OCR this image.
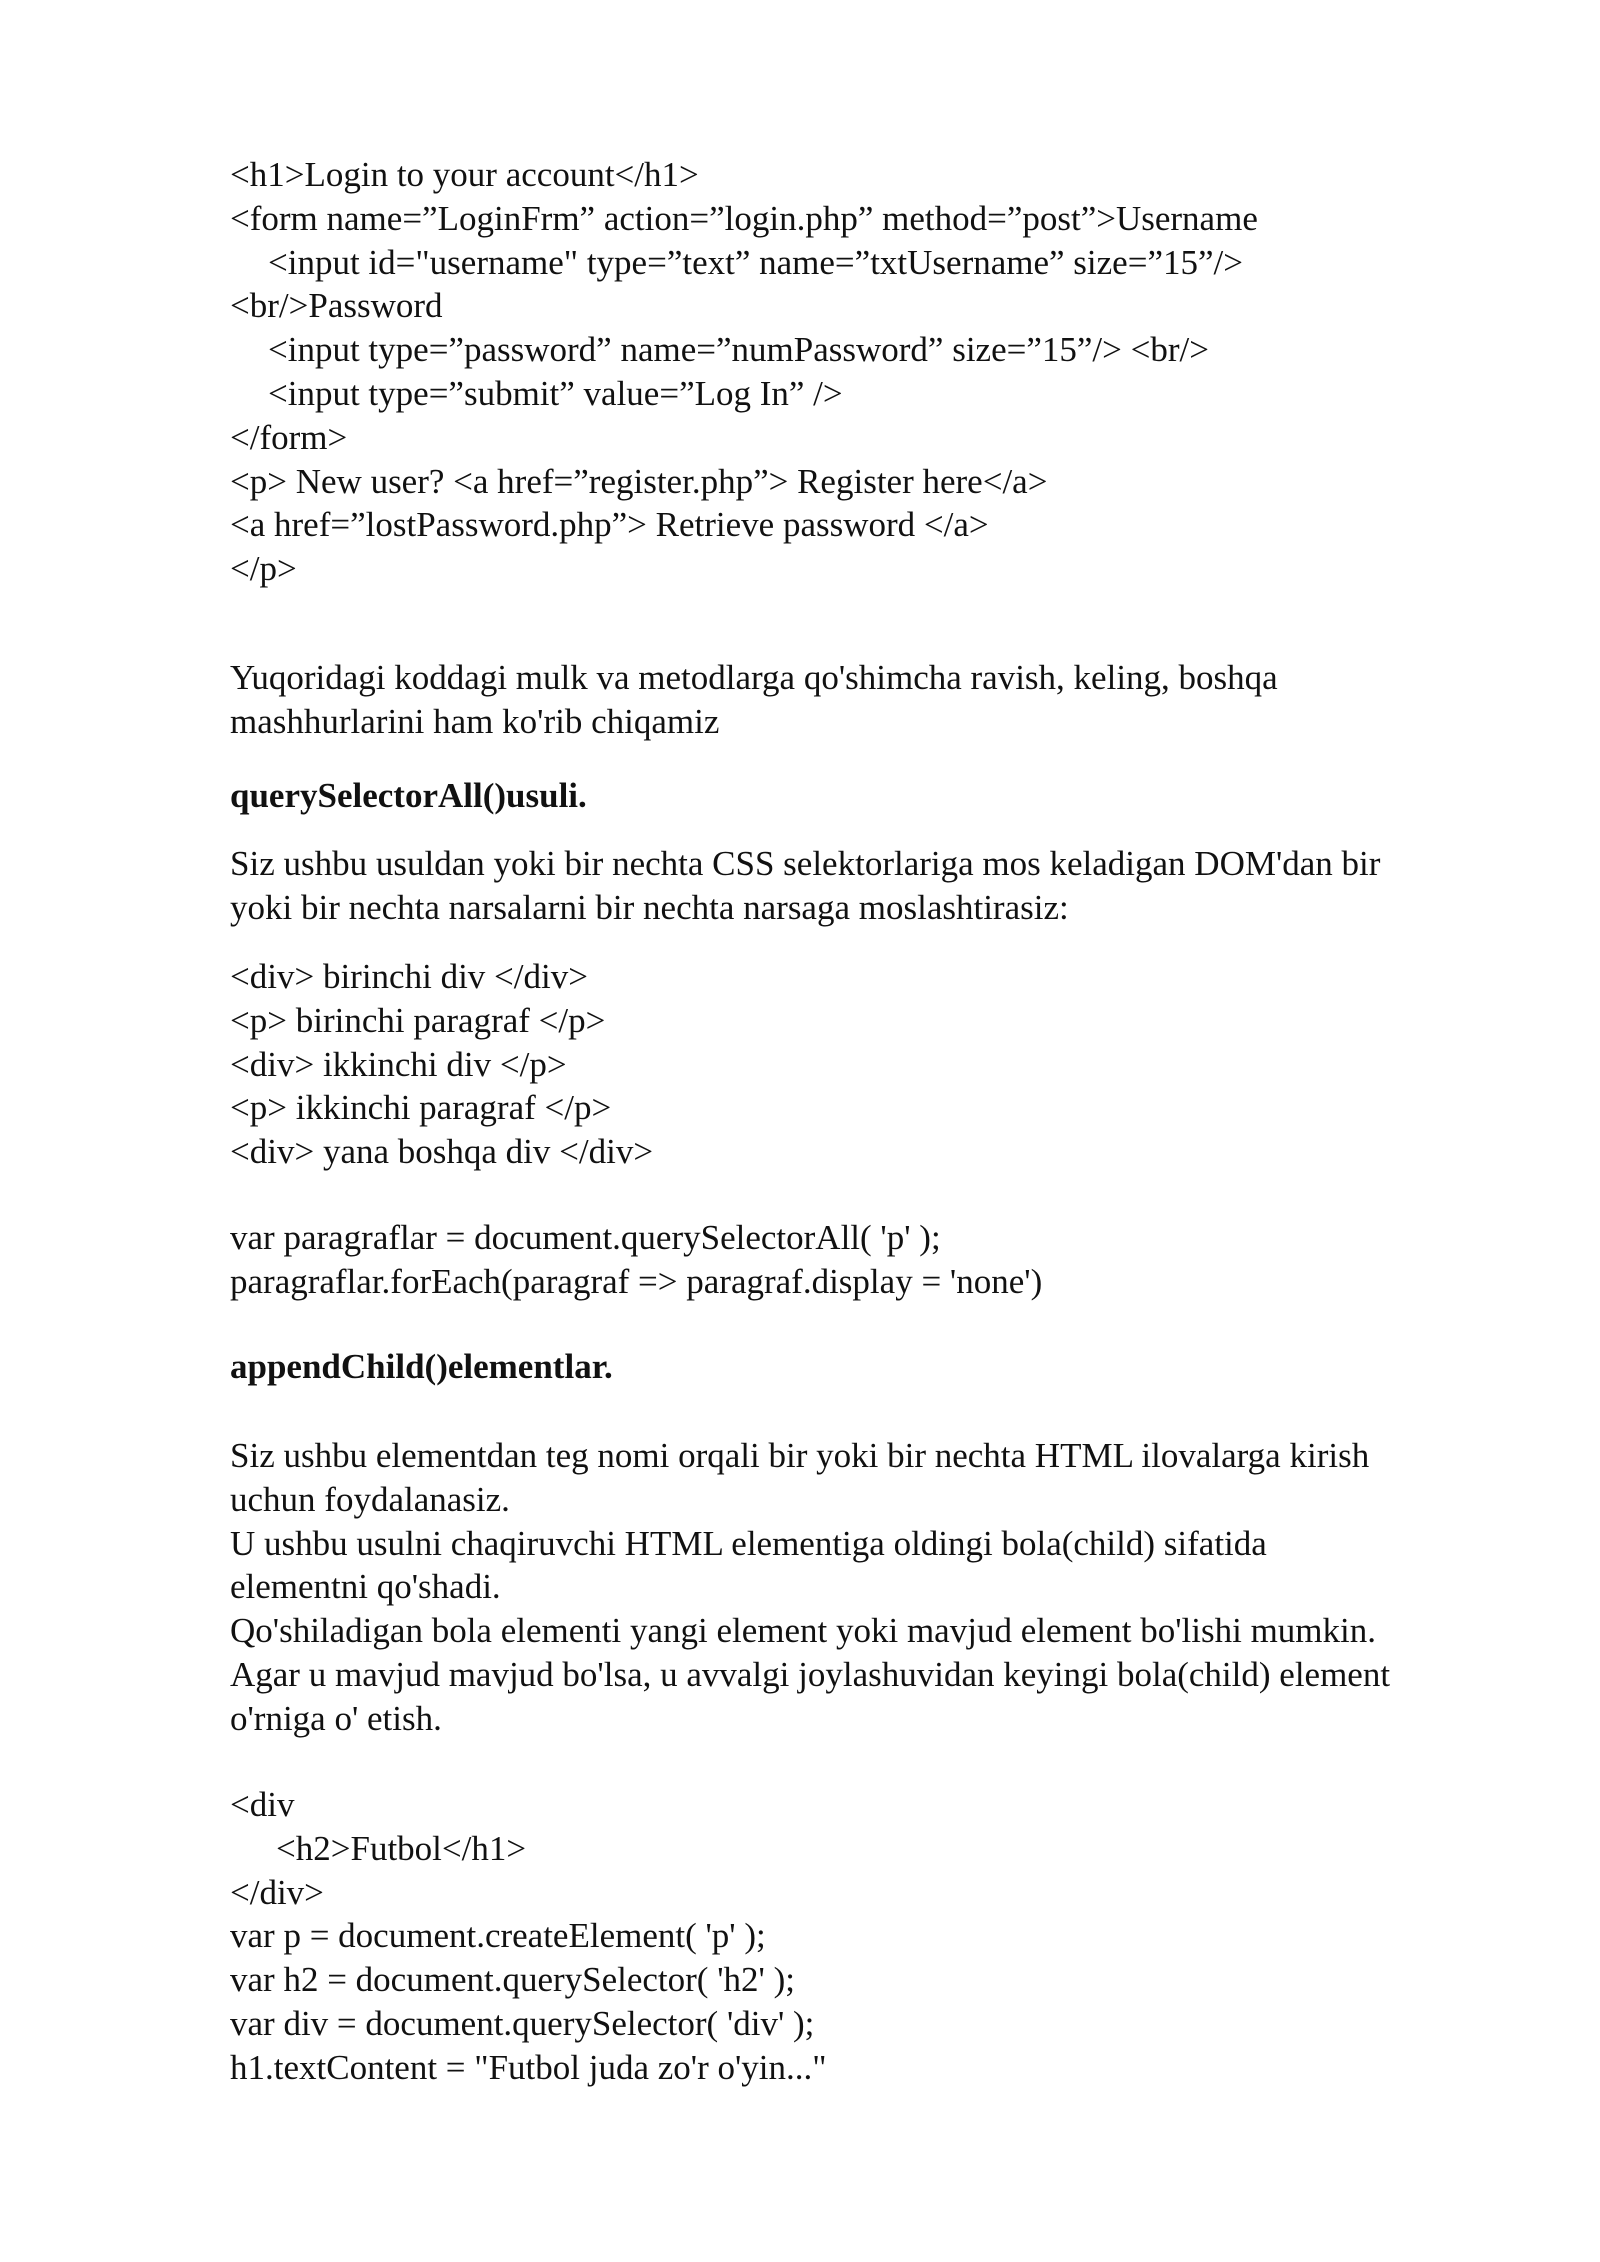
<h1>Login to your account</h1>
<form name=”LoginFrm” action=”login.php” method=”post”>Username
<input id="username" type=”text” name=”txtUsername” size=”15”/>
<br/>Password
<input type=”password” name=”numPassword” size=”15”/> <br/>
<input type=”submit” value=”Log In” />
</form>
<p> New user? <a href=”register.php”> Register here</a>
<a href=”lostPassword.php”> Retrieve password </a>
</p>
Yuqoridagi koddagi mulk va metodlarga qo'shimcha ravish, keling, boshqa
mashhurlarini ham ko'rib chiqamiz
querySelectorAll()usuli.
Siz ushbu usuldan yoki bir nechta CSS selektorlariga mos keladigan DOM'dan bir
yoki bir nechta narsalarni bir nechta narsaga moslashtirasiz:
<div> birinchi div </div>
<p> birinchi paragraf </p>
<div> ikkinchi div </p>
<p> ikkinchi paragraf </p>
<div> yana boshqa div </div>
var paragraflar = document.querySelectorAll( 'p' );
paragraflar.forEach(paragraf => paragraf.display = 'none')
appendChild()elementlar.
Siz ushbu elementdan teg nomi orqali bir yoki bir nechta HTML ilovalarga kirish
uchun foydalanasiz.
U ushbu usulni chaqiruvchi HTML elementiga oldingi bola(child) sifatida
elementni qo'shadi.
Qo'shiladigan bola elementi yangi element yoki mavjud element bo'lishi mumkin.
Agar u mavjud mavjud bo'lsa, u avvalgi joylashuvidan keyingi bola(child) element
o'rniga o' etish.
<div
<h2>Futbol</h1>
</div>
var p = document.createElement( 'p' );
var h2 = document.querySelector( 'h2' );
var div = document.querySelector( 'div' );
h1.textContent = "Futbol juda zo'r o'yin..."
